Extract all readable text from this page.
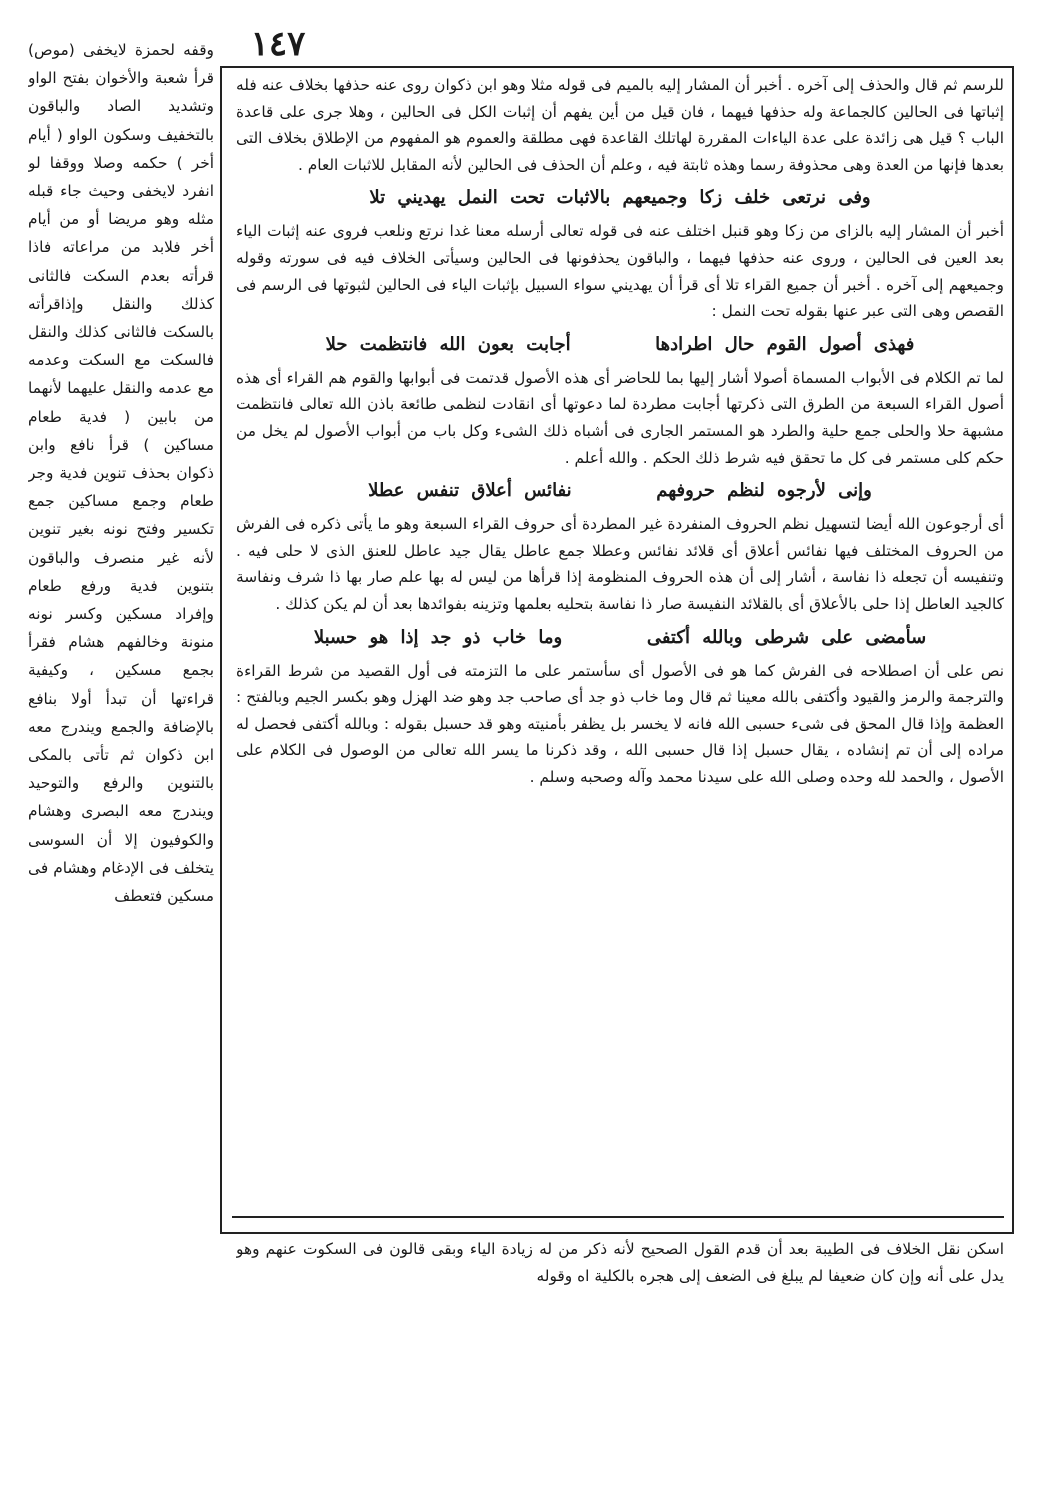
١٤٧

وقفه لحمزة لايخفى (موص) قرأ شعبة والأخوان بفتح الواو وتشديد الصاد والباقون بالتخفيف وسكون الواو ( أيام أخر ) حكمه وصلا ووقفا لو انفرد لايخفى وحيث جاء قبله مثله وهو مريضا أو من أيام أخر فلابد من مراعاته فاذا قرأته بعدم السكت فالثانى كذلك والنقل وإذاقرأته بالسكت فالثانى كذلك والنقل فالسكت مع السكت وعدمه مع عدمه والنقل عليهما لأنهما من بابين ( فدية طعام مساكين ) قرأ نافع وابن ذكوان بحذف تنوين فدية وجر طعام وجمع مساكين جمع تكسير وفتح نونه بغير تنوين لأنه غير منصرف والباقون بتنوين فدية ورفع طعام وإفراد مسكين وكسر نونه منونة وخالفهم هشام فقرأ بجمع مسكين ، وكيفية قراءتها أن تبدأ أولا بنافع بالإضافة والجمع ويندرج معه ابن ذكوان ثم تأتى بالمكى بالتنوين والرفع والتوحيد ويندرج معه البصرى وهشام والكوفيون إلا أن السوسى يتخلف فى الإدغام وهشام فى مسكين فتعطف

للرسم ثم قال والحذف إلى آخره . أخبر أن المشار إليه بالميم فى قوله مثلا وهو ابن ذكوان روى عنه حذفها بخلاف عنه فله إثباتها فى الحالين كالجماعة وله حذفها فيهما ، فان قيل من أين يفهم أن إثبات الكل فى الحالين ، وهلا جرى على قاعدة الباب ؟ قيل هى زائدة على عدة الياءات المقررة لهاتلك القاعدة فهى مطلقة والعموم هو المفهوم من الإطلاق بخلاف التى بعدها فإنها من العدة وهى محذوفة رسما وهذه ثابتة فيه ، وعلم أن الحذف فى الحالين لأنه المقابل للاثبات العام .

وفى نرتعى خلف زكا وجميعهم بالاثبات تحت النمل يهديني تلا

أخبر أن المشار إليه بالزاى من زكا وهو قنبل اختلف عنه فى قوله تعالى أرسله معنا غدا نرتع ونلعب فروى عنه إثبات الياء بعد العين فى الحالين ، وروى عنه حذفها فيهما ، والباقون يحذفونها فى الحالين وسيأتى الخلاف فيه فى سورته وقوله وجميعهم إلى آخره . أخبر أن جميع القراء تلا أى قرأ أن يهديني سواء السبيل بإثبات الياء فى الحالين لثبوتها فى الرسم فى القصص وهى التى عبر عنها بقوله تحت النمل :

فهذى أصول القوم حال اطرادها  أجابت بعون الله فانتظمت حلا

لما تم الكلام فى الأبواب المسماة أصولا أشار إليها بما للحاضر أى هذه الأصول قدتمت فى أبوابها والقوم هم القراء أى هذه أصول القراء السبعة من الطرق التى ذكرتها أجابت مطردة لما دعوتها أى انقادت لنظمى طائعة باذن الله تعالى فانتظمت مشبهة حلا والحلى جمع حلية والطرد هو المستمر الجارى فى أشباه ذلك الشىء وكل باب من أبواب الأصول لم يخل من حكم كلى مستمر فى كل ما تحقق فيه شرط ذلك الحكم . والله أعلم .

وإنى لأرجوه لنظم حروفهم  نفائس أعلاق تنفس عطلا

أى أرجوعون الله أيضا لتسهيل نظم الحروف المنفردة غير المطردة أى حروف القراء السبعة وهو ما يأتى ذكره فى الفرش من الحروف المختلف فيها نفائس أعلاق أى قلائد نفائس وعطلا جمع عاطل يقال جيد عاطل للعنق الذى لا حلى فيه . وتنفيسه أن تجعله ذا نفاسة ، أشار إلى أن هذه الحروف المنظومة إذا قرأها من ليس له بها علم صار بها ذا شرف ونفاسة كالجيد العاطل إذا حلى بالأعلاق أى بالقلائد النفيسة صار ذا نفاسة بتحليه بعلمها وتزينه بفوائدها بعد أن لم يكن كذلك .

سأمضى على شرطى وبالله أكتفى  وما خاب ذو جد إذا هو حسبلا

نص على أن اصطلاحه فى الفرش كما هو فى الأصول أى سأستمر على ما التزمته فى أول القصيد من شرط القراءة والترجمة والرمز والقيود وأكتفى بالله معينا ثم قال وما خاب ذو جد أى صاحب جد وهو ضد الهزل وهو بكسر الجيم وبالفتح : العظمة وإذا قال المحق فى شىء حسبى الله فانه لا يخسر بل يظفر بأمنيته وهو قد حسبل بقوله : وبالله أكتفى فحصل له مراده إلى أن تم إنشاده ، يقال حسبل إذا قال حسبى الله ، وقد ذكرنا ما يسر الله تعالى من الوصول فى الكلام على الأصول ، والحمد لله وحده وصلى الله على سيدنا محمد وآله وصحبه وسلم .

اسكن نقل الخلاف فى الطيبة بعد أن قدم القول الصحيح لأنه ذكر من له زيادة الياء وبقى قالون فى السكوت عنهم وهو يدل على أنه وإن كان ضعيفا لم يبلغ فى الضعف إلى هجره بالكلية اه وقوله
